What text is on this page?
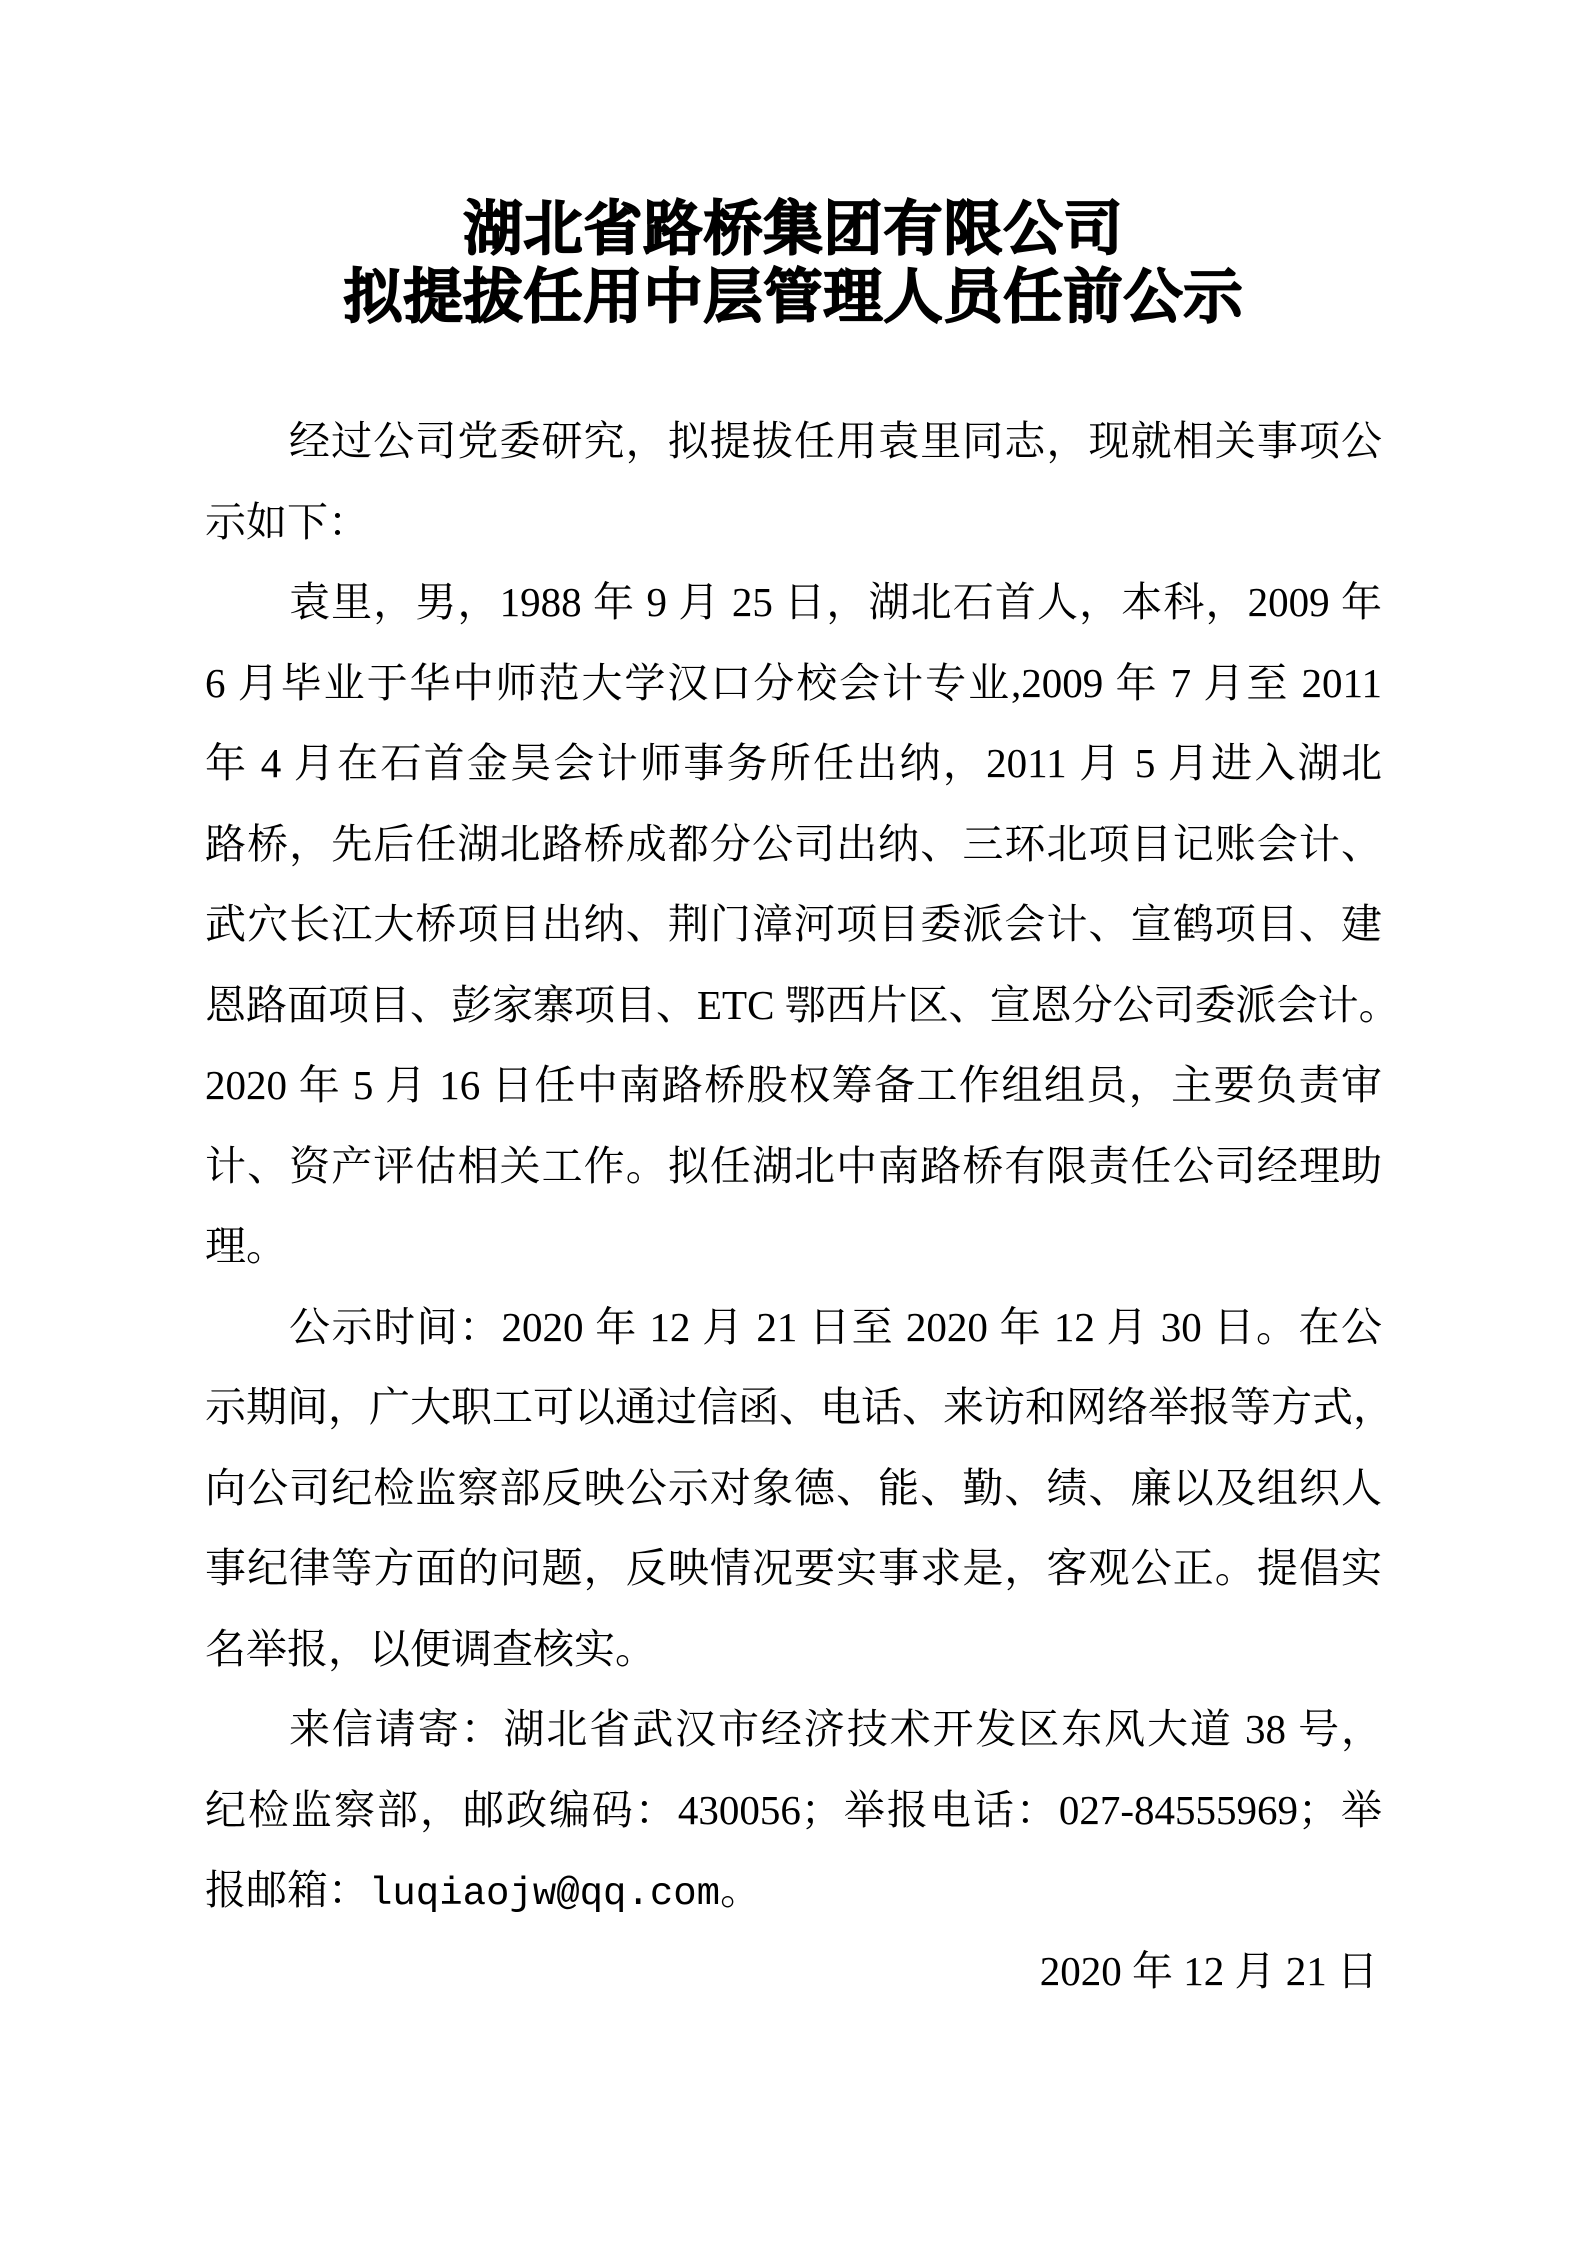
湖北省路桥集团有限公司
拟提拔任用中层管理人员任前公示
经过公司党委研究，拟提拔任用袁里同志，现就相关事项公
示如下：
袁里，男，1988 年 9 月 25 日，湖北石首人，本科，2009 年
6 月毕业于华中师范大学汉口分校会计专业,2009 年 7 月至 2011
年 4 月在石首金昊会计师事务所任出纳，2011 月 5 月进入湖北
路桥，先后任湖北路桥成都分公司出纳、三环北项目记账会计、
武穴长江大桥项目出纳、荆门漳河项目委派会计、宣鹤项目、建
恩路面项目、彭家寨项目、ETC 鄂西片区、宣恩分公司委派会计。
2020 年 5 月 16 日任中南路桥股权筹备工作组组员，主要负责审
计、资产评估相关工作。拟任湖北中南路桥有限责任公司经理助
理。
公示时间：2020 年 12 月 21 日至 2020 年 12 月 30 日。在公
示期间，广大职工可以通过信函、电话、来访和网络举报等方式，
向公司纪检监察部反映公示对象德、能、勤、绩、廉以及组织人
事纪律等方面的问题，反映情况要实事求是，客观公正。提倡实
名举报，以便调查核实。
来信请寄：湖北省武汉市经济技术开发区东风大道 38 号，
纪检监察部，邮政编码：430056；举报电话：027-84555969；举
报邮箱：luqiaojw@qq.com。
2020 年 12 月 21 日
